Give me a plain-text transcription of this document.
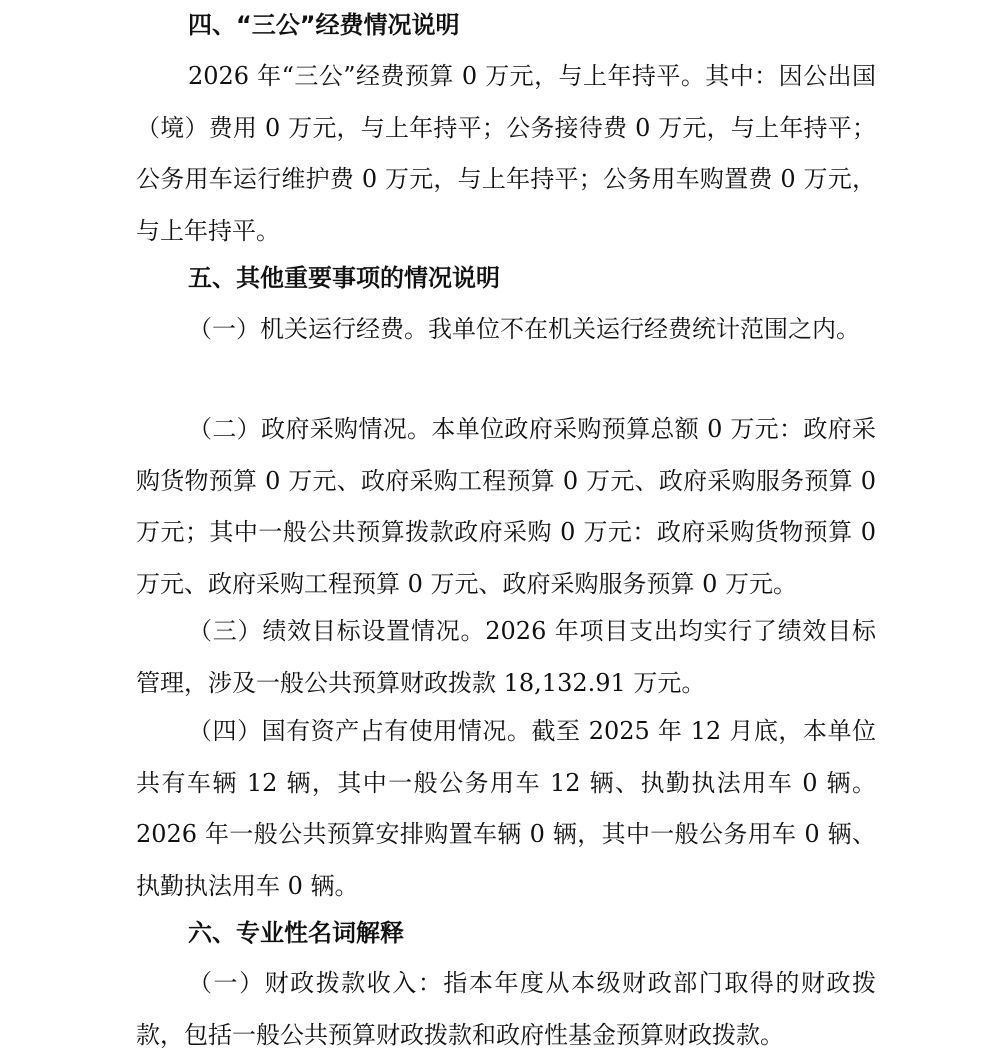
四、“三公”经费情况说明

2026 年“三公”经费预算 0 万元，与上年持平。其中：因公出国（境）费用 0 万元，与上年持平；公务接待费 0 万元，与上年持平；公务用车运行维护费 0 万元，与上年持平；公务用车购置费 0 万元，与上年持平。

五、其他重要事项的情况说明

（一）机关运行经费。我单位不在机关运行经费统计范围之内。

（二）政府采购情况。本单位政府采购预算总额 0 万元：政府采购货物预算 0 万元、政府采购工程预算 0 万元、政府采购服务预算 0 万元；其中一般公共预算拨款政府采购 0 万元：政府采购货物预算 0 万元、政府采购工程预算 0 万元、政府采购服务预算 0 万元。

（三）绩效目标设置情况。2026 年项目支出均实行了绩效目标管理，涉及一般公共预算财政拨款 18,132.91 万元。

（四）国有资产占有使用情况。截至 2025 年 12 月底，本单位共有车辆 12 辆，其中一般公务用车 12 辆、执勤执法用车 0 辆。2026 年一般公共预算安排购置车辆 0 辆，其中一般公务用车 0 辆、执勤执法用车 0 辆。

六、专业性名词解释

（一）财政拨款收入：指本年度从本级财政部门取得的财政拨款，包括一般公共预算财政拨款和政府性基金预算财政拨款。
